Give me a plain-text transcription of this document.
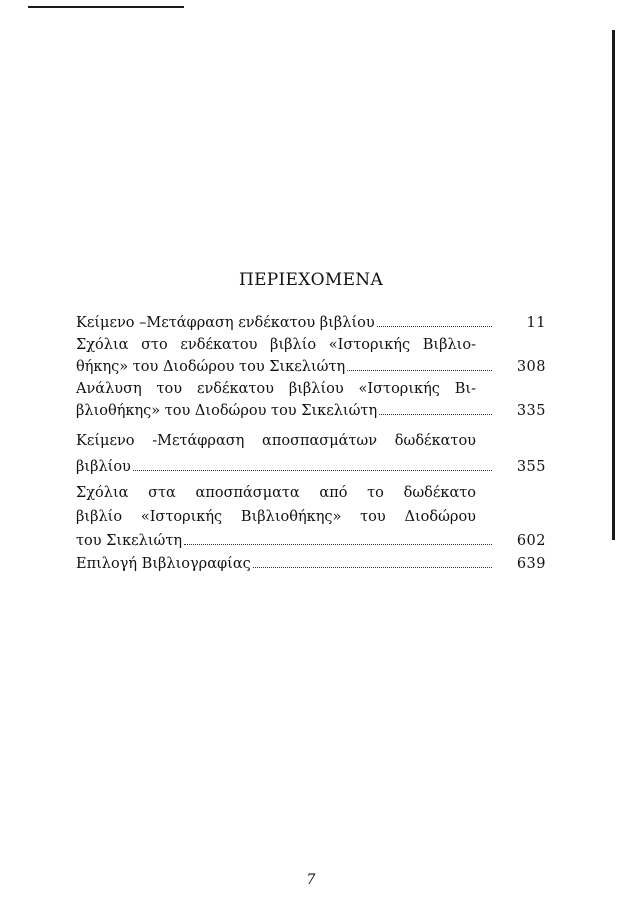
ΠΕΡΙΕΧΟΜΕΝΑ
Κείμενο –Μετάφραση ενδέκατου βιβλίου	11
Σχόλια στο ενδέκατου βιβλίο «Ιστορικής Βιβλιο-
θήκης» του Διοδώρου του Σικελιώτη	308
Ανάλυση του ενδέκατου βιβλίου «Ιστορικής Βι-
βλιοθήκης» του Διοδώρου του Σικελιώτη	335
Κείμενο -Μετάφραση αποσπασμάτων δωδέκατου
βιβλίου	355
Σχόλια στα αποσπάσματα από το δωδέκατο
βιβλίο «Ιστορικής Βιβλιοθήκης» του Διοδώρου
του Σικελιώτη	602
Επιλογή Βιβλιογραφίας	639
7
